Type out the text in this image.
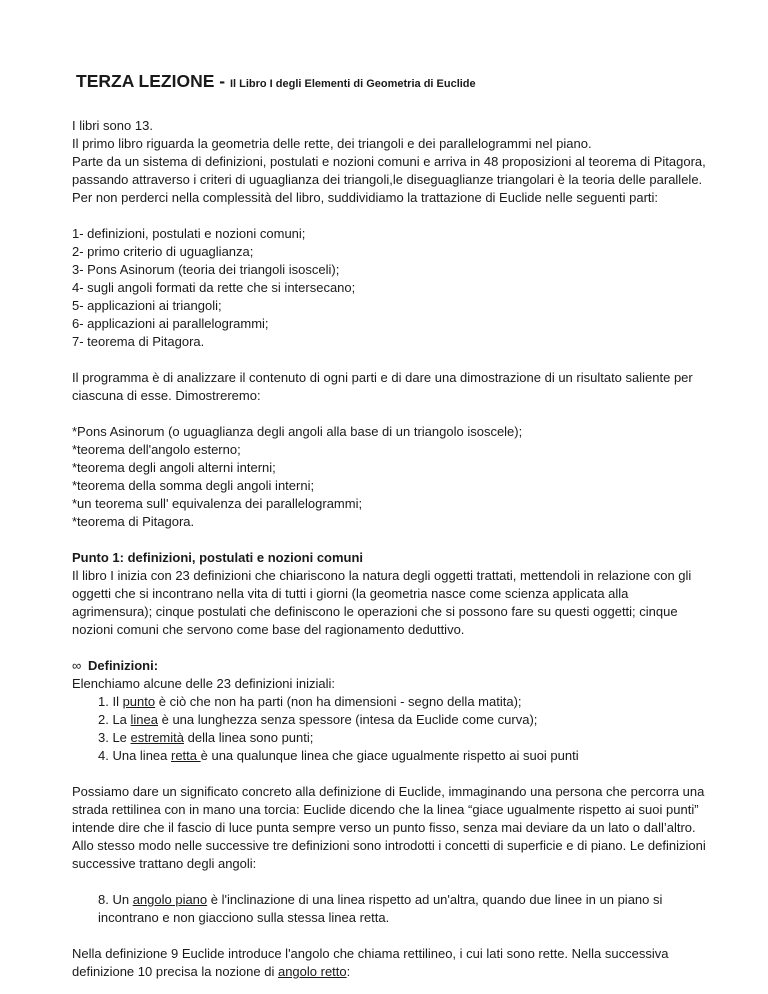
TERZA LEZIONE - Il Libro I degli Elementi di Geometria di Euclide

I libri sono 13.

Il primo libro riguarda la geometria delle rette, dei triangoli e dei parallelogrammi nel piano.

Parte da un sistema di definizioni, postulati e nozioni comuni e arriva in 48 proposizioni al teorema di Pitagora, passando attraverso i criteri di uguaglianza dei triangoli,le diseguaglianze triangolari è la teoria delle parallele.

Per non perderci nella complessità del libro, suddividiamo la trattazione di Euclide nelle seguenti parti:

1- definizioni, postulati e nozioni comuni;

2- primo criterio di uguaglianza;

3- Pons Asinorum (teoria dei triangoli isosceli);

4- sugli angoli formati da rette che si intersecano;

5- applicazioni ai triangoli;

6- applicazioni ai parallelogrammi;

7- teorema di Pitagora.

Il programma è di analizzare il contenuto di ogni parti e di dare una dimostrazione di un risultato saliente per ciascuna di esse. Dimostreremo:

*Pons Asinorum (o uguaglianza degli angoli alla base di un triangolo isoscele);

*teorema dell'angolo esterno;

*teorema degli angoli alterni interni;

*teorema della somma degli angoli interni;

*un teorema sull' equivalenza dei parallelogrammi;

*teorema di Pitagora.

Punto 1: definizioni, postulati e nozioni comuni

Il libro I inizia con 23 definizioni che chiariscono la natura degli oggetti trattati, mettendoli in relazione con gli oggetti che si incontrano nella vita di tutti i giorni (la geometria nasce come scienza applicata alla agrimensura); cinque postulati che definiscono le operazioni che si possono fare su questi oggetti; cinque nozioni comuni che servono come base del ragionamento deduttivo.

∞ Definizioni:

Elenchiamo alcune delle 23 definizioni iniziali:

1. Il punto è ciò che non ha parti (non ha dimensioni - segno della matita);
2. La linea è una lunghezza senza spessore (intesa da Euclide come curva);
3. Le estremità della linea sono punti;
4. Una linea retta è una qualunque linea che giace ugualmente rispetto ai suoi punti

Possiamo dare un significato concreto alla definizione di Euclide, immaginando una persona che percorra una strada rettilinea con in mano una torcia: Euclide dicendo che la linea “giace ugualmente rispetto ai suoi punti” intende dire che il fascio di luce punta sempre verso un punto fisso, senza mai deviare da un lato o dall’altro.

Allo stesso modo nelle successive tre definizioni sono introdotti i concetti di superficie e di piano. Le definizioni successive trattano degli angoli:

8. Un angolo piano è l'inclinazione di una linea rispetto ad un'altra, quando due linee in un piano si incontrano e non giacciono sulla stessa linea retta.

Nella definizione 9 Euclide introduce l'angolo che chiama rettilineo, i cui lati sono rette. Nella successiva definizione 10 precisa la nozione di angolo retto:
